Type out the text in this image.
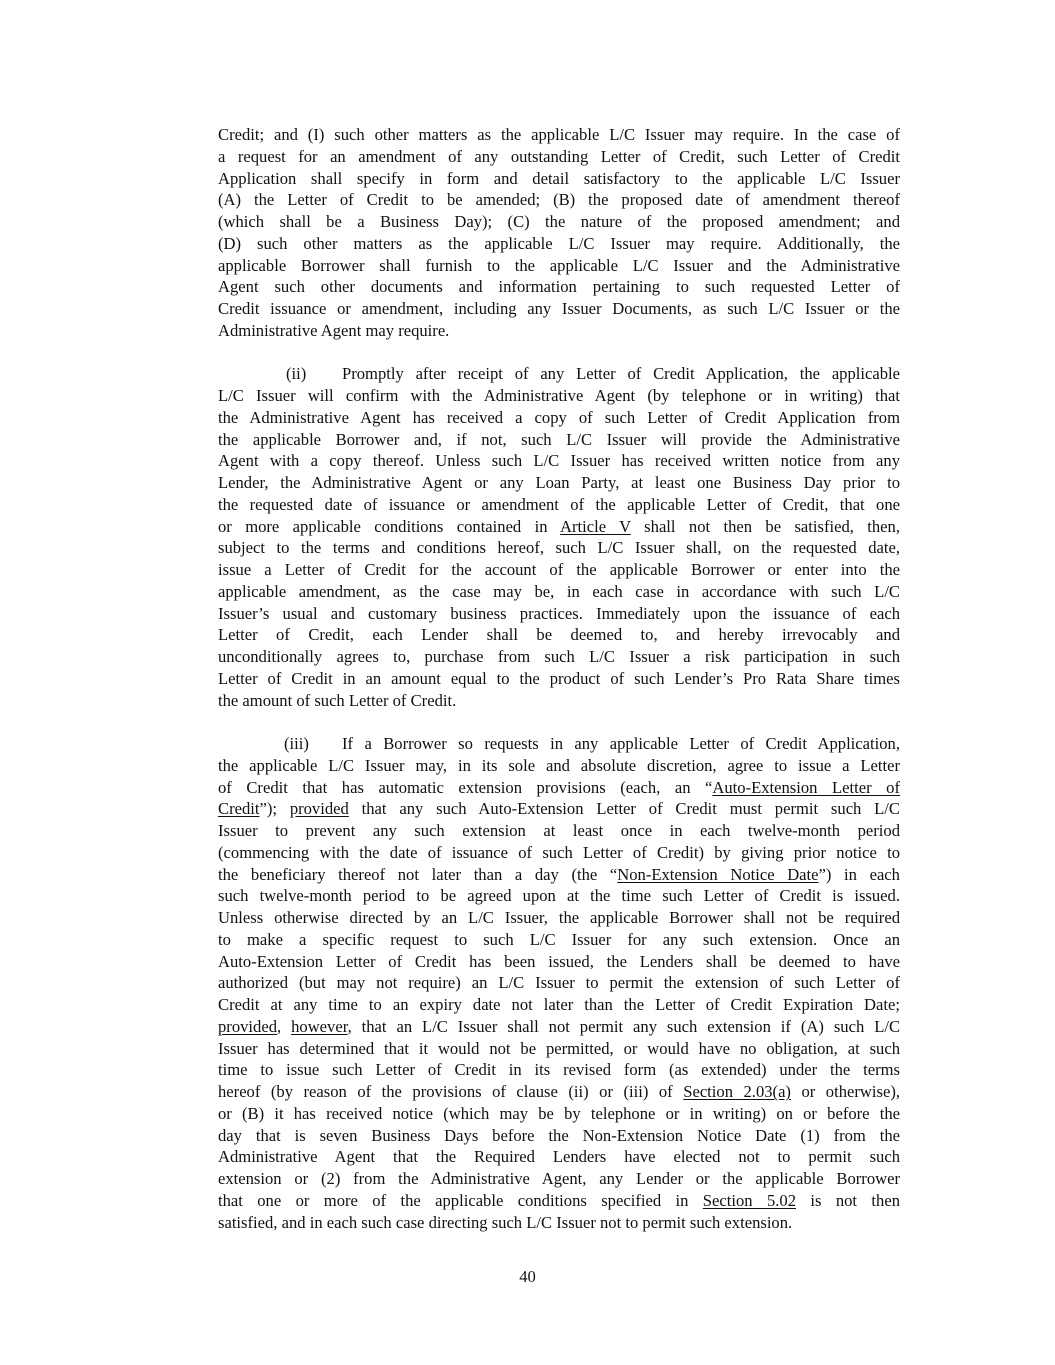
Credit; and (I) such other matters as the applicable L/C Issuer may require. In the case of
a request for an amendment of any outstanding Letter of Credit, such Letter of Credit
Application shall specify in form and detail satisfactory to the applicable L/C Issuer
(A) the Letter of Credit to be amended; (B) the proposed date of amendment thereof
(which shall be a Business Day); (C) the nature of the proposed amendment; and
(D) such other matters as the applicable L/C Issuer may require. Additionally, the
applicable Borrower shall furnish to the applicable L/C Issuer and the Administrative
Agent such other documents and information pertaining to such requested Letter of
Credit issuance or amendment, including any Issuer Documents, as such L/C Issuer or the
Administrative Agent may require.
(ii) Promptly after receipt of any Letter of Credit Application, the applicable
L/C Issuer will confirm with the Administrative Agent (by telephone or in writing) that
the Administrative Agent has received a copy of such Letter of Credit Application from
the applicable Borrower and, if not, such L/C Issuer will provide the Administrative
Agent with a copy thereof. Unless such L/C Issuer has received written notice from any
Lender, the Administrative Agent or any Loan Party, at least one Business Day prior to
the requested date of issuance or amendment of the applicable Letter of Credit, that one
or more applicable conditions contained in Article V shall not then be satisfied, then,
subject to the terms and conditions hereof, such L/C Issuer shall, on the requested date,
issue a Letter of Credit for the account of the applicable Borrower or enter into the
applicable amendment, as the case may be, in each case in accordance with such L/C
Issuer’s usual and customary business practices. Immediately upon the issuance of each
Letter of Credit, each Lender shall be deemed to, and hereby irrevocably and
unconditionally agrees to, purchase from such L/C Issuer a risk participation in such
Letter of Credit in an amount equal to the product of such Lender’s Pro Rata Share times
the amount of such Letter of Credit.
(iii) If a Borrower so requests in any applicable Letter of Credit Application,
the applicable L/C Issuer may, in its sole and absolute discretion, agree to issue a Letter
of Credit that has automatic extension provisions (each, an “Auto-Extension Letter of
Credit”); provided that any such Auto-Extension Letter of Credit must permit such L/C
Issuer to prevent any such extension at least once in each twelve-month period
(commencing with the date of issuance of such Letter of Credit) by giving prior notice to
the beneficiary thereof not later than a day (the “Non-Extension Notice Date”) in each
such twelve-month period to be agreed upon at the time such Letter of Credit is issued.
Unless otherwise directed by an L/C Issuer, the applicable Borrower shall not be required
to make a specific request to such L/C Issuer for any such extension. Once an
Auto-Extension Letter of Credit has been issued, the Lenders shall be deemed to have
authorized (but may not require) an L/C Issuer to permit the extension of such Letter of
Credit at any time to an expiry date not later than the Letter of Credit Expiration Date;
provided, however, that an L/C Issuer shall not permit any such extension if (A) such L/C
Issuer has determined that it would not be permitted, or would have no obligation, at such
time to issue such Letter of Credit in its revised form (as extended) under the terms
hereof (by reason of the provisions of clause (ii) or (iii) of Section 2.03(a) or otherwise),
or (B) it has received notice (which may be by telephone or in writing) on or before the
day that is seven Business Days before the Non-Extension Notice Date (1) from the
Administrative Agent that the Required Lenders have elected not to permit such
extension or (2) from the Administrative Agent, any Lender or the applicable Borrower
that one or more of the applicable conditions specified in Section 5.02 is not then
satisfied, and in each such case directing such L/C Issuer not to permit such extension.
40
